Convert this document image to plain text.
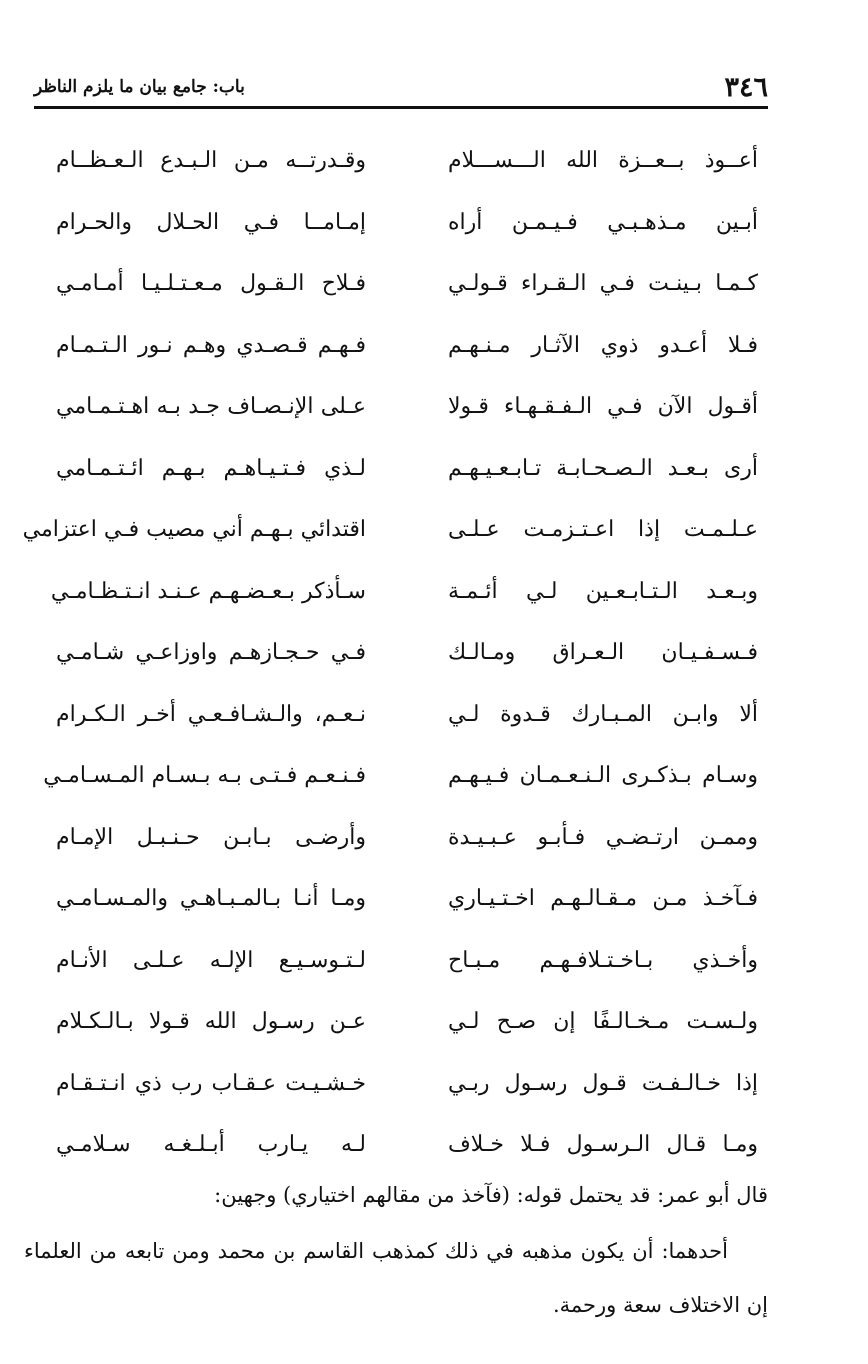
٣٤٦
باب: جامع بيان ما يلزم الناظر
أعــوذ بــعــزة الله الـــســـلام
وقـدرتــه مـن الـبـدع الـعـظــام
أبـين مـذهـبـي فـيـمـن أراه
إمـامــا فـي الحـلال والحـرام
كـمـا بـينـت فـي الـقـراء قـولـي
فـلاح الـقـول مـعـتـلـيـا أمـامـي
فـلا أعـدو ذوي الآثـار مـنـهـم
فـهـم قـصـدي وهـم نـور الـتـمـام
أقـول الآن فـي الـفـقـهـاء قـولا
عـلى الإنـصـاف جـد بـه اهـتـمـامي
أرى بـعـد الـصـحـابـة تـابـعـيـهـم
لـذي فـتـيـاهـم بـهـم ائـتـمـامي
عـلـمـت إذا اعـتـزمـت عـلـى
اقتدائي بـهـم أني مصيب فـي اعتزامي
وبـعـد الـتـابـعـين لـي أئـمـة
سـأذكر بـعـضـهـم عـنـد انـتـظـامـي
فـسـفـيـان الـعـراق ومـالـك
فـي حـجـازهـم واوزاعـي شـامـي
ألا وابـن المـبـارك قـدوة لـي
نـعـم، والـشـافـعـي أخـر الـكـرام
وسـام بـذكـرى الـنـعـمـان فـيـهـم
فـنـعـم فـتـى بـه بـسـام المـسـامـي
وممـن ارتـضـي فـأبـو عـبـيـدة
وأرضـى بـابـن حـنـبـل الإمـام
فـآخـذ مـن مـقـالـهـم اخـتـيـاري
ومـا أنـا بـالمـبـاهـي والمـسـامـي
وأخـذي بـاخـتـلافـهـم مـبـاح
لـتـوسـيـع الإلـه عـلـى الأنـام
ولـسـت مـخـالـفًا إن صـح لـي
عـن رسـول الله قـولا بـالـكـلام
إذا خـالـفـت قـول رسـول ربـي
خـشـيـت عـقـاب رب ذي انـتـقـام
ومـا قـال الـرسـول فـلا خـلاف
لـه يـارب أبـلـغـه سـلامـي

قال أبو عمر: قد يحتمل قوله: (فآخذ من مقالهم اختياري) وجهين:

أحدهما: أن يكون مذهبه في ذلك كمذهب القاسم بن محمد ومن تابعه من العلماء إن الاختلاف سعة ورحمة.
